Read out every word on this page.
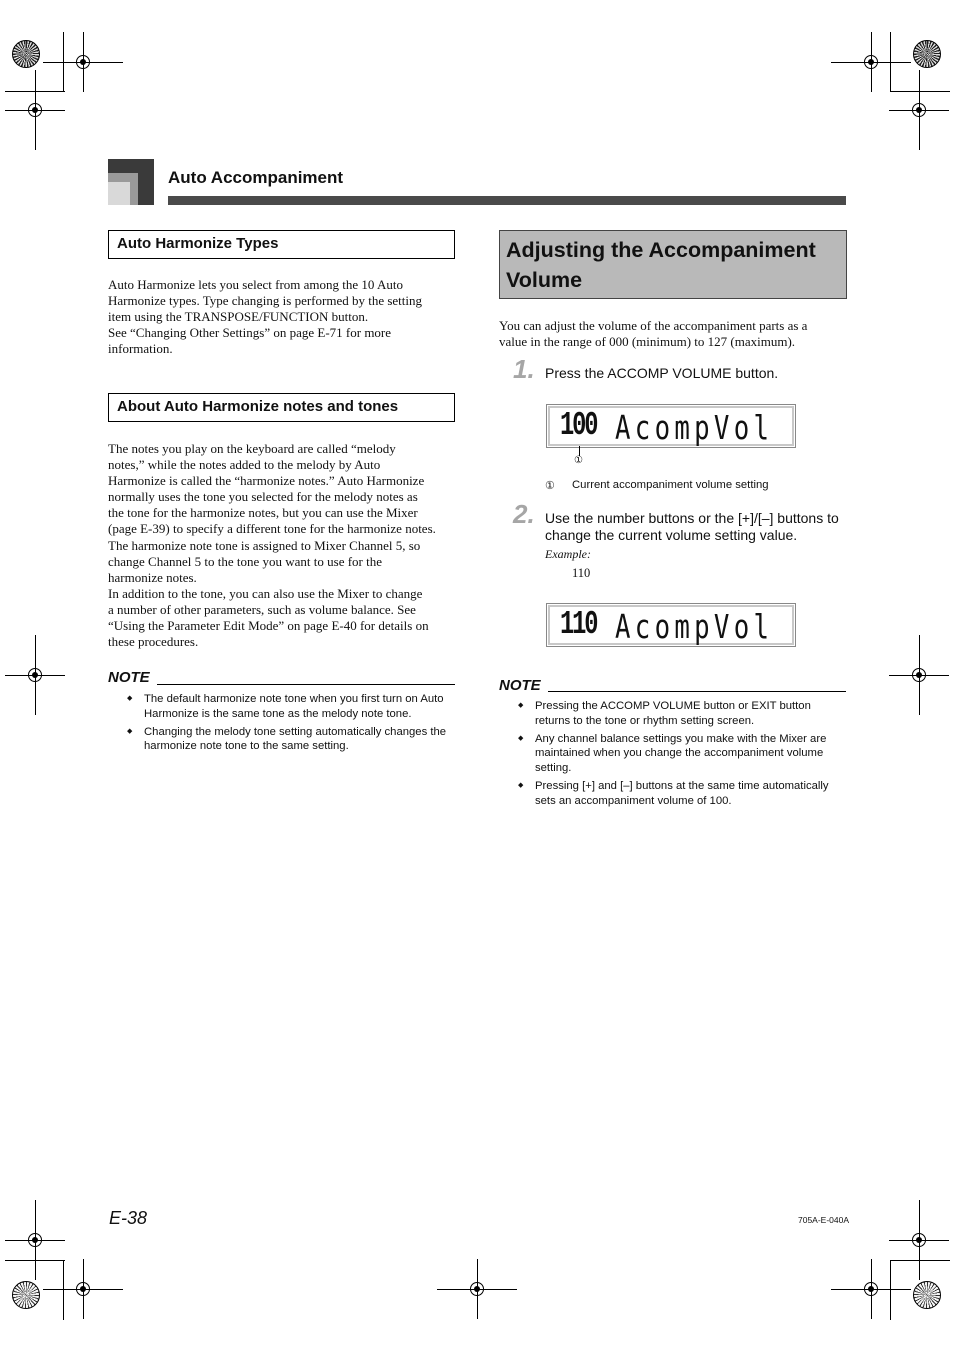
Auto Accompaniment
Auto Harmonize Types

Auto Harmonize lets you select from among the 10 Auto

Harmonize types. Type changing is performed by the setting

item using the TRANSPOSE/FUNCTION button.

See “Changing Other Settings” on page E-71 for more

information.

About Auto Harmonize notes and tones

The notes you play on the keyboard are called “melody

notes,” while the notes added to the melody by Auto

Harmonize is called the “harmonize notes.” Auto Harmonize

normally uses the tone you selected for the melody notes as

the tone for the harmonize notes, but you can use the Mixer

(page E-39) to specify a different tone for the harmonize notes.

The harmonize note tone is assigned to Mixer Channel 5, so

change Channel 5 to the tone you want to use for the

harmonize notes.

In addition to the tone, you can also use the Mixer to change

a number of other parameters, such as volume balance. See

“Using the Parameter Edit Mode” on page E-40 for details on

these procedures.

NOTE
◆ The default harmonize note tone when you first turn on Auto Harmonize is the same tone as the melody note tone.
◆ Changing the melody tone setting automatically changes the harmonize note tone to the same setting.
Adjusting the Accompaniment
Volume

You can adjust the volume of the accompaniment parts as a

value in the range of 000 (minimum) to 127 (maximum).

1. Press the ACCOMP VOLUME button.
100 AcompVol
①
① Current accompaniment volume setting
2. Use the number buttons or the [+]/[–] buttons to
change the current volume setting value.
Example:
110
110 AcompVol
NOTE
◆ Pressing the ACCOMP VOLUME button or EXIT button returns to the tone or rhythm setting screen.
◆ Any channel balance settings you make with the Mixer are maintained when you change the accompaniment volume setting.
◆ Pressing [+] and [–] buttons at the same time automatically sets an accompaniment volume of 100.
E-38	705A-E-040A
